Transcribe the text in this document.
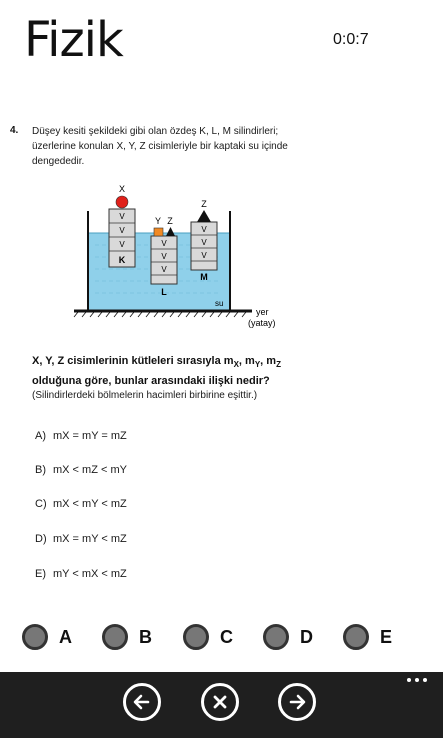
Fizik	0:0:7
4. Düşey kesiti şekildeki gibi olan özdeş K, L, M silindirleri; üzerlerine konulan X, Y, Z cisimleriyle bir kaptaki su içinde dengededir.
V
V
V
K
X
V
V
V
L
Y Z
V
V
V
M
Z
su
yer
(yatay)
X, Y, Z cisimlerinin kütleleri sırasıyla $m_X$, $m_Y$, $m_Z$
olduğuna göre, bunlar arasındaki ilişki nedir?
(Silindirlerdeki bölmelerin hacimleri birbirine eşittir.)
A) mX = mY = mZ
B) mX < mZ < mY
C) mX < mY < mZ
D) mX = mY < mZ
E) mY < mX < mZ
A	B	C	D	E
